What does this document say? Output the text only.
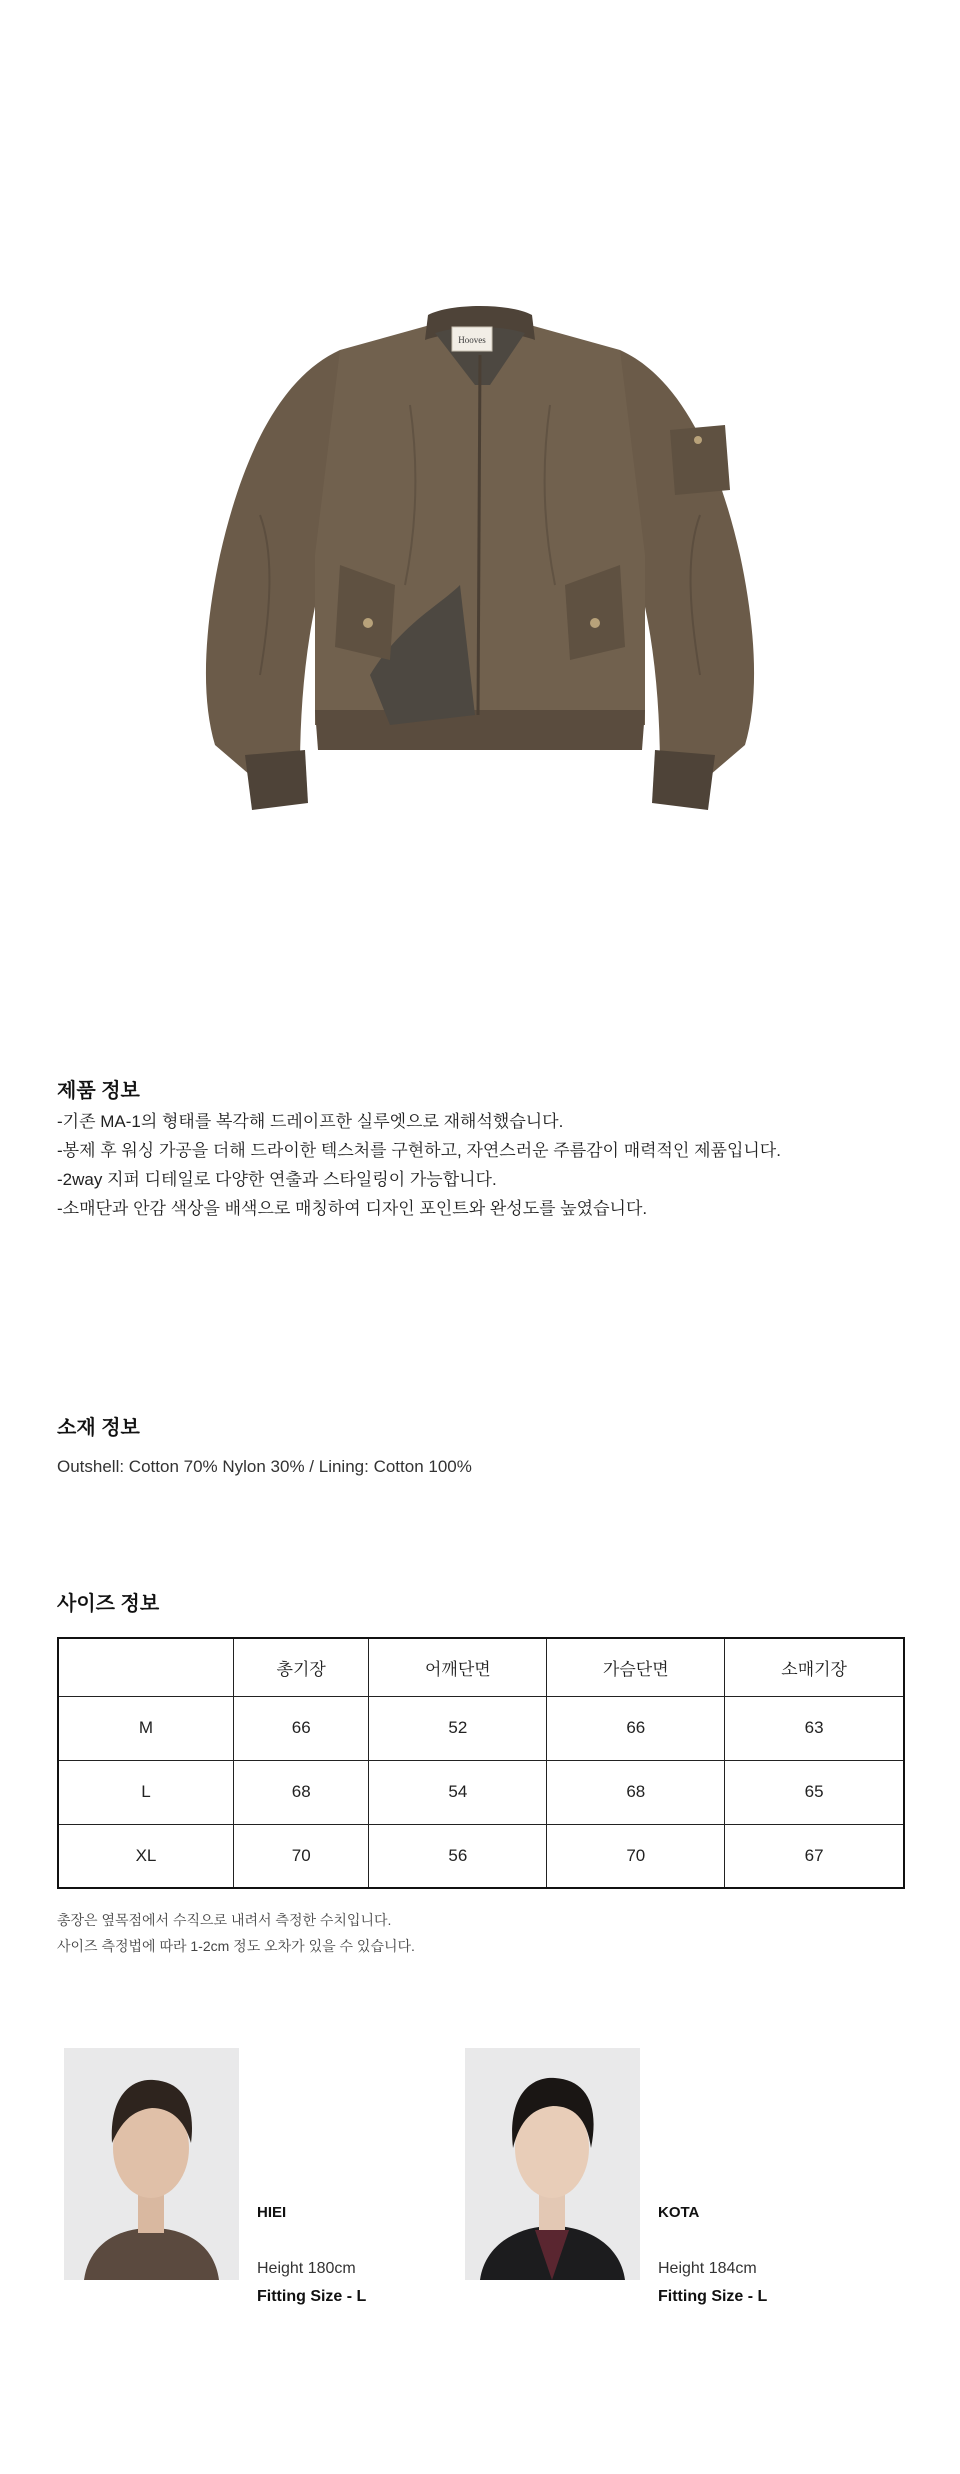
Hooves
제품 정보
-기존 MA-1의 형태를 복각해 드레이프한 실루엣으로 재해석했습니다.
-봉제 후 워싱 가공을 더해 드라이한 텍스처를 구현하고, 자연스러운 주름감이 매력적인 제품입니다.
-2way 지퍼 디테일로 다양한 연출과 스타일링이 가능합니다.
-소매단과 안감 색상을 배색으로 매칭하여 디자인 포인트와 완성도를 높였습니다.
소재 정보
Outshell: Cotton 70% Nylon 30% / Lining: Cotton 100%
사이즈 정보
	총기장	어깨단면	가슴단면	소매기장
M	66	52	66	63
L	68	54	68	65
XL	70	56	70	67
총장은 옆목점에서 수직으로 내려서 측정한 수치입니다.
사이즈 측정법에 따라 1-2cm 정도 오차가 있을 수 있습니다.
HIEI
Height 180cm
Fitting Size - L
KOTA
Height 184cm
Fitting Size - L
